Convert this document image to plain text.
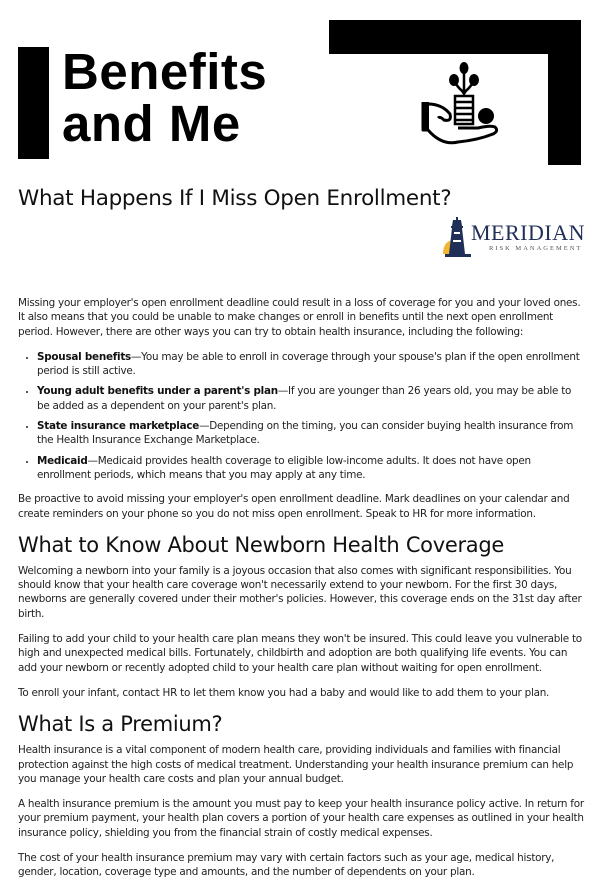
Benefits
and Me
What Happens If I Miss Open Enrollment?
MERIDIAN
RISK MANAGEMENT

Missing your employer's open enrollment deadline could result in a loss of coverage for you and your loved ones. It also means that you could be unable to make changes or enroll in benefits until the next open enrollment period. However, there are other ways you can try to obtain health insurance, including the following:

• Spousal benefits—You may be able to enroll in coverage through your spouse's plan if the open enrollment period is still active.
• Young adult benefits under a parent's plan—If you are younger than 26 years old, you may be able to be added as a dependent on your parent's plan.
• State insurance marketplace—Depending on the timing, you can consider buying health insurance from the Health Insurance Exchange Marketplace.
• Medicaid—Medicaid provides health coverage to eligible low-income adults. It does not have open enrollment periods, which means that you may apply at any time.

Be proactive to avoid missing your employer's open enrollment deadline. Mark deadlines on your calendar and create reminders on your phone so you do not miss open enrollment. Speak to HR for more information.

What to Know About Newborn Health Coverage

Welcoming a newborn into your family is a joyous occasion that also comes with significant responsibilities. You should know that your health care coverage won't necessarily extend to your newborn. For the first 30 days, newborns are generally covered under their mother's policies. However, this coverage ends on the 31st day after birth.

Failing to add your child to your health care plan means they won't be insured. This could leave you vulnerable to high and unexpected medical bills. Fortunately, childbirth and adoption are both qualifying life events. You can add your newborn or recently adopted child to your health care plan without waiting for open enrollment.

To enroll your infant, contact HR to let them know you had a baby and would like to add them to your plan.

What Is a Premium?

Health insurance is a vital component of modern health care, providing individuals and families with financial protection against the high costs of medical treatment. Understanding your health insurance premium can help you manage your health care costs and plan your annual budget.

A health insurance premium is the amount you must pay to keep your health insurance policy active. In return for your premium payment, your health plan covers a portion of your health care expenses as outlined in your health insurance policy, shielding you from the financial strain of costly medical expenses.

The cost of your health insurance premium may vary with certain factors such as your age, medical history, gender, location, coverage type and amounts, and the number of dependents on your plan.
